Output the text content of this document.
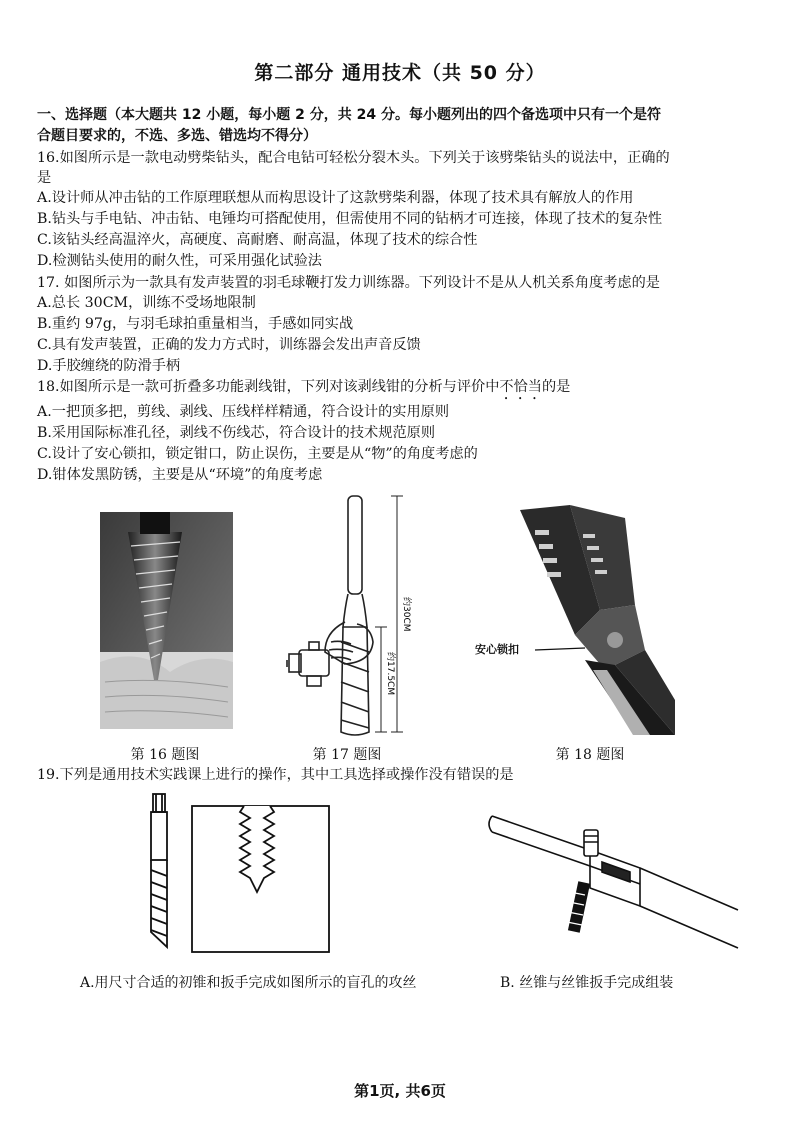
第二部分 通用技术（共 50 分）
一、选择题（本大题共 12 小题，每小题 2 分，共 24 分。每小题列出的四个备选项中只有一个是符
合题目要求的，不选、多选、错选均不得分）
16.如图所示是一款电动劈柴钻头，配合电钻可轻松分裂木头。下列关于该劈柴钻头的说法中，正确的
是
A.设计师从冲击钻的工作原理联想从而构思设计了这款劈柴利器，体现了技术具有解放人的作用
B.钻头与手电钻、冲击钻、电锤均可搭配使用，但需使用不同的钻柄才可连接，体现了技术的复杂性
C.该钻头经高温淬火，高硬度、高耐磨、耐高温，体现了技术的综合性
D.检测钻头使用的耐久性，可采用强化试验法
17. 如图所示为一款具有发声装置的羽毛球鞭打发力训练器。下列设计不是从人机关系角度考虑的是
A.总长 30CM，训练不受场地限制
B.重约 97g，与羽毛球拍重量相当，手感如同实战
C.具有发声装置，正确的发力方式时，训练器会发出声音反馈
D.手胶缠绕的防滑手柄
18.如图所示是一款可折叠多功能剥线钳，下列对该剥线钳的分析与评价中不恰当的是
A.一把顶多把，剪线、剥线、压线样样精通，符合设计的实用原则
B.采用国际标准孔径，剥线不伤线芯，符合设计的技术规范原则
C.设计了安心锁扣，锁定钳口，防止误伤，主要是从“物”的角度考虑的
D.钳体发黑防锈，主要是从“环境”的角度考虑
第 16 题图
约30CM
约17.5CM
第 17 题图
安心锁扣
第 18 题图
19.下列是通用技术实践课上进行的操作，其中工具选择或操作没有错误的是
A.用尺寸合适的初锥和扳手完成如图所示的盲孔的攻丝	B. 丝锥与丝锥扳手完成组装
第1页, 共6页
